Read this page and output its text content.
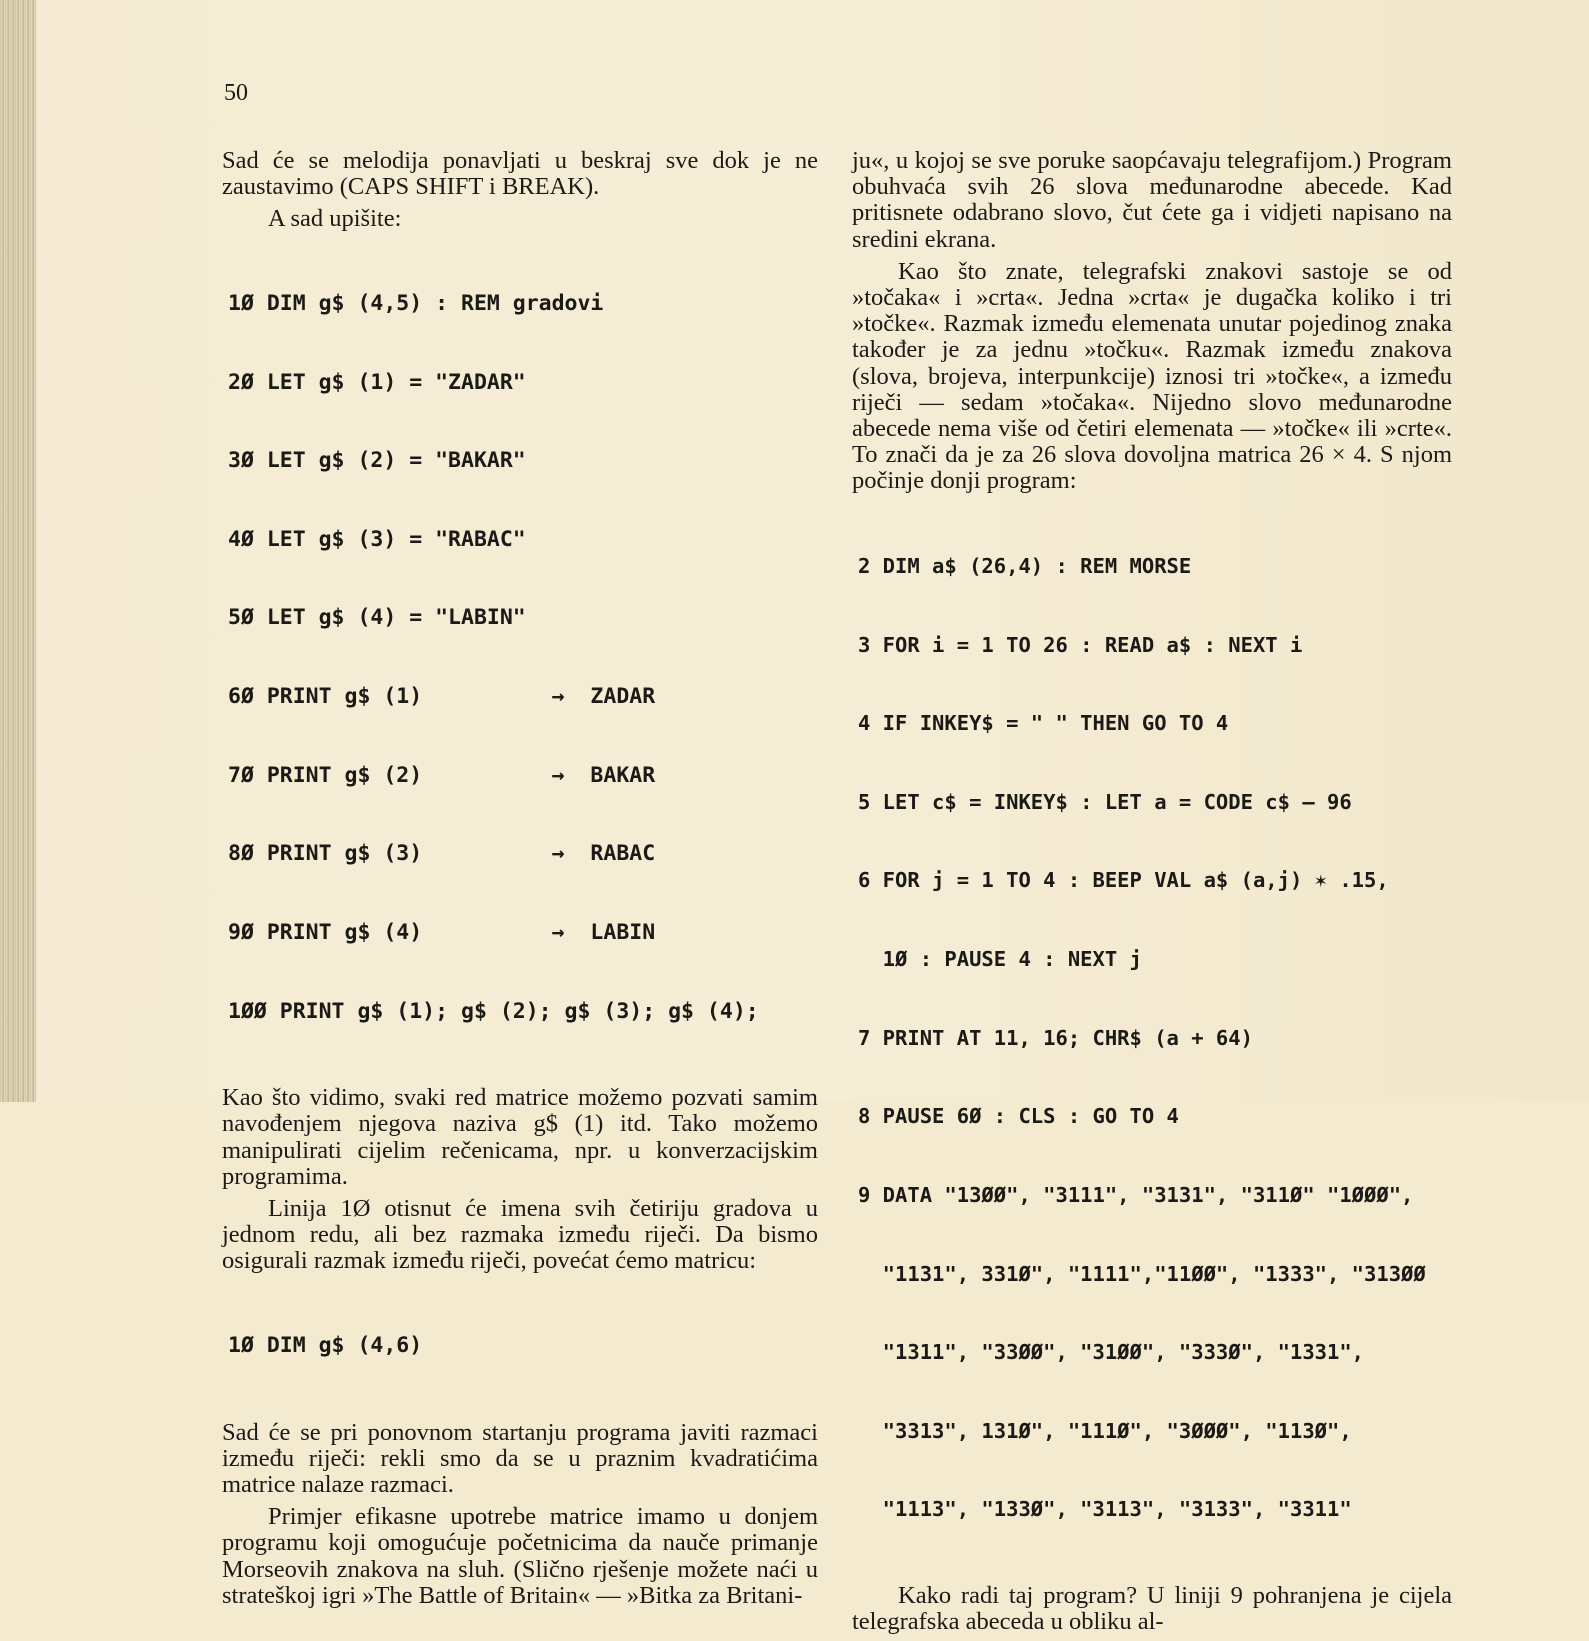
50

Sad će se melodija ponavljati u beskraj sve dok je ne zaustavimo (CAPS SHIFT i BREAK).

A sad upišite:

1Ø DIM g$ (4,5) : REM gradovi

2Ø LET g$ (1) = "ZADAR"

3Ø LET g$ (2) = "BAKAR"

4Ø LET g$ (3) = "RABAC"

5Ø LET g$ (4) = "LABIN"

6Ø PRINT g$ (1)          →  ZADAR

7Ø PRINT g$ (2)          →  BAKAR

8Ø PRINT g$ (3)          →  RABAC

9Ø PRINT g$ (4)          →  LABIN

1ØØ PRINT g$ (1); g$ (2); g$ (3); g$ (4);

Kao što vidimo, svaki red matrice možemo pozvati samim navođenjem njegova naziva g$ (1) itd. Tako možemo manipulirati cijelim rečenicama, npr. u konverzacijskim programima.

Linija 1Ø otisnut će imena svih četiriju gradova u jednom redu, ali bez razmaka između riječi. Da bismo osigurali razmak između riječi, povećat ćemo matricu:

1Ø DIM g$ (4,6)

Sad će se pri ponovnom startanju programa javiti razmaci između riječi: rekli smo da se u praznim kvadratićima matrice nalaze razmaci.

Primjer efikasne upotrebe matrice imamo u donjem programu koji omogućuje početnicima da nauče primanje Morseovih znakova na sluh. (Slično rješenje možete naći u strateškoj igri »The Battle of Britain« — »Bitka za Britani-

ju«, u kojoj se sve poruke saopćavaju telegrafijom.) Program obuhvaća svih 26 slova međunarodne abecede. Kad pritisnete odabrano slovo, čut ćete ga i vidjeti napisano na sredini ekrana.

Kao što znate, telegrafski znakovi sastoje se od »točaka« i »crta«. Jedna »crta« je dugačka koliko i tri »točke«. Razmak između elemenata unutar pojedinog znaka također je za jednu »točku«. Razmak između znakova (slova, brojeva, interpunkcije) iznosi tri »točke«, a između riječi — sedam »točaka«. Nijedno slovo međunarodne abecede nema više od četiri elemenata — »točke« ili »crte«. To znači da je za 26 slova dovoljna matrica 26 × 4. S njom počinje donji program:

2 DIM a$ (26,4) : REM MORSE

3 FOR i = 1 TO 26 : READ a$ : NEXT i

4 IF INKEY$ = " " THEN GO TO 4

5 LET c$ = INKEY$ : LET a = CODE c$ — 96

6 FOR j = 1 TO 4 : BEEP VAL a$ (a,j) ✶ .15,

1Ø : PAUSE 4 : NEXT j

7 PRINT AT 11, 16; CHR$ (a + 64)

8 PAUSE 6Ø : CLS : GO TO 4

9 DATA "13ØØ", "3111", "3131", "311Ø" "1ØØØ",

"1131", 331Ø", "1111","11ØØ", "1333", "313ØØ

"1311", "33ØØ", "31ØØ", "333Ø", "1331",

"3313", 131Ø", "111Ø", "3ØØØ", "113Ø",

"1113", "133Ø", "3113", "3133", "3311"

Kako radi taj program? U liniji 9 pohranjena je cijela telegrafska abeceda u obliku al-
